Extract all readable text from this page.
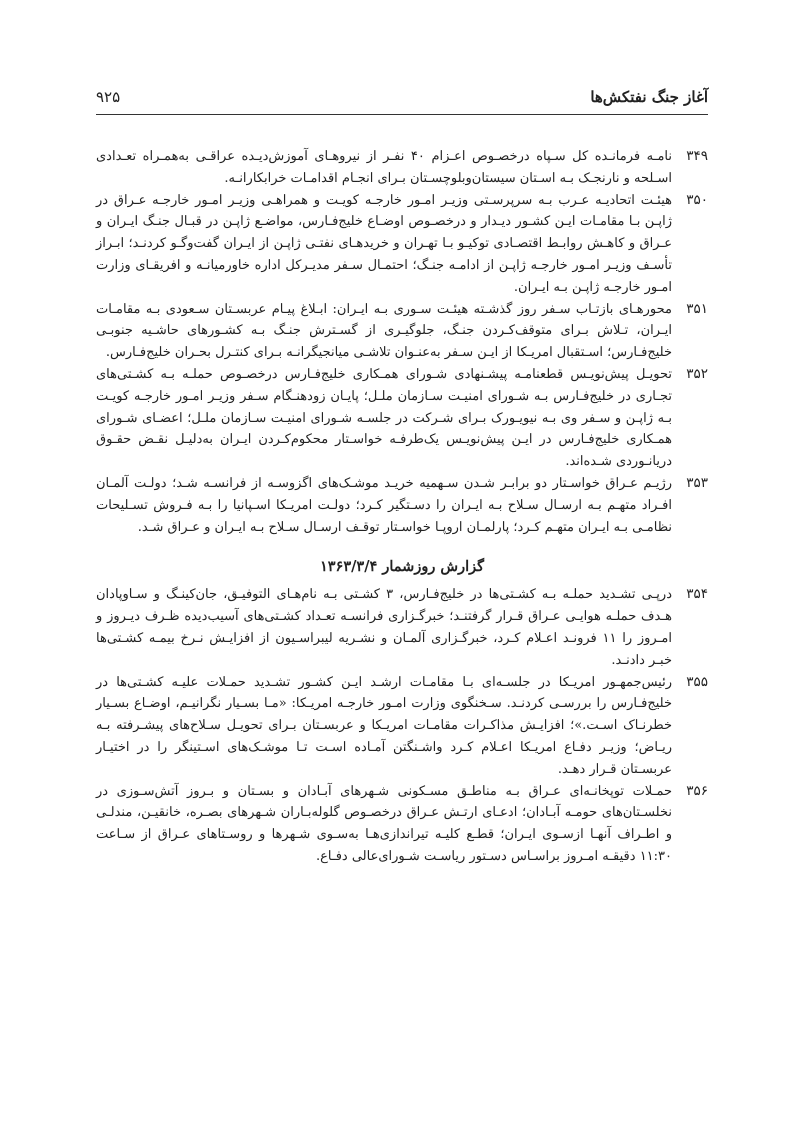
آغاز جنگ نفتکش‌ها
۹۲۵
۳۴۹
نامـه فرمانـده کل سـپاه درخصـوص اعـزام ۴۰ نفـر از نیروهـای آموزش‌دیـده عراقـی به‌همـراه تعـدادی اسـلحه و نارنجـک بـه اسـتان سیستان‌وبلوچسـتان بـرای انجـام اقدامـات خرابکارانـه.
۳۵۰
هیئـت اتحادیـه عـرب بـه سرپرسـتی وزیـر امـور خارجـه کویـت و همراهـی وزیـر امـور خارجـه عـراق در ژاپـن بـا مقامـات ایـن کشـور دیـدار و درخصـوص اوضـاع خلیج‌فـارس، مواضـع ژاپـن در قبـال جنـگ ایـران و عـراق و کاهـش روابـط اقتصـادی توکیـو بـا تهـران و خریدهـای نفتـی ژاپـن از ایـران گفت‌وگـو کردنـد؛ ابـراز تأسـف وزیـر امـور خارجـه ژاپـن از ادامـه جنـگ؛ احتمـال سـفر مدیـرکل اداره خاورمیانـه و افریقـای وزارت امـور خارجـه ژاپـن بـه ایـران.
۳۵۱
محورهـای بازتـاب سـفر روز گذشـته هیئـت سـوری بـه ایـران: ابـلاغ پیـام عربسـتان سـعودی بـه مقامـات ایـران، تـلاش بـرای متوقف‌کـردن جنـگ، جلوگیـری از گسـترش جنـگ بـه کشـورهای حاشـیه جنوبـی خلیج‌فـارس؛ اسـتقبال امریـکا از ایـن سـفر به‌عنـوان تلاشـی میانجیگرانـه بـرای کنتـرل بحـران خلیج‌فـارس.
۳۵۲
تحویـل پیش‌نویـس قطعنامـه پیشـنهادی شـورای همـکاری خلیج‌فـارس درخصـوص حملـه بـه کشـتی‌های تجـاری در خلیج‌فـارس بـه شـورای امنیـت سـازمان ملـل؛ پایـان زودهنـگام سـفر وزیـر امـور خارجـه کویـت بـه ژاپـن و سـفر وی بـه نیویـورک بـرای شـرکت در جلسـه شـورای امنیـت سـازمان ملـل؛ اعضـای شـورای همـکاری خلیج‌فـارس در ایـن پیش‌نویـس یک‌طرفـه خواسـتار محکوم‌کـردن ایـران به‌دلیـل نقـض حقـوق دریانـوردی شـده‌اند.
۳۵۳
رژیـم عـراق خواسـتار دو برابـر شـدن سـهمیه خریـد موشـک‌های اگزوسـه از فرانسـه شـد؛ دولـت آلمـان افـراد متهـم بـه ارسـال سـلاح بـه ایـران را دسـتگیر کـرد؛ دولـت امریـکا اسـپانیا را بـه فـروش تسـلیحات نظامـی بـه ایـران متهـم کـرد؛ پارلمـان اروپـا خواسـتار توقـف ارسـال سـلاح بـه ایـران و عـراق شـد.
گزارش روزشمار ۱۳۶۳/۳/۴
۳۵۴
درپـی تشـدید حملـه بـه کشـتی‌ها در خلیج‌فـارس، ۳ کشـتی بـه نام‌هـای التوفیـق، جان‌کینـگ و سـاوپادان هـدف حملـه هوایـی عـراق قـرار گرفتنـد؛ خبرگـزاری فرانسـه تعـداد کشـتی‌های آسیب‌دیده ظـرف دیـروز و امـروز را ۱۱ فرونـد اعـلام کـرد، خبرگـزاری آلمـان و نشـریه لیبراسـیون از افزایـش نـرخ بیمـه کشـتی‌ها خبـر دادنـد.
۳۵۵
رئیس‌جمهـور امریـکا در جلسـه‌ای بـا مقامـات ارشـد ایـن کشـور تشـدید حمـلات علیـه کشـتی‌ها در خلیج‌فـارس را بررسـی کردنـد. سـخنگوی وزارت امـور خارجـه امریـکا: «مـا بسـیار نگرانیـم، اوضـاع بسـیار خطرنـاک اسـت.»؛ افزایـش مذاکـرات مقامـات امریـکا و عربسـتان بـرای تحویـل سـلاح‌های پیشـرفته بـه ریـاض؛ وزیـر دفـاع امریـکا اعـلام کـرد واشـنگتن آمـاده اسـت تـا موشـک‌های اسـتینگر را در اختیـار عربسـتان قـرار دهـد.
۳۵۶
حمـلات توپخانـه‌ای عـراق بـه مناطـق مسـکونی شـهرهای آبـادان و بسـتان و بـروز آتش‌سـوزی در نخلسـتان‌های حومـه آبـادان؛ ادعـای ارتـش عـراق درخصـوص گلوله‌بـاران شـهرهای بصـره، خانقیـن، مندلـی و اطـراف آنهـا ازسـوی ایـران؛ قطـع کلیـه تیراندازی‌هـا به‌سـوی شـهرها و روسـتاهای عـراق از سـاعت ۱۱:۳۰ دقیقـه امـروز براسـاس دسـتور ریاسـت شـورای‌عالی دفـاع.
